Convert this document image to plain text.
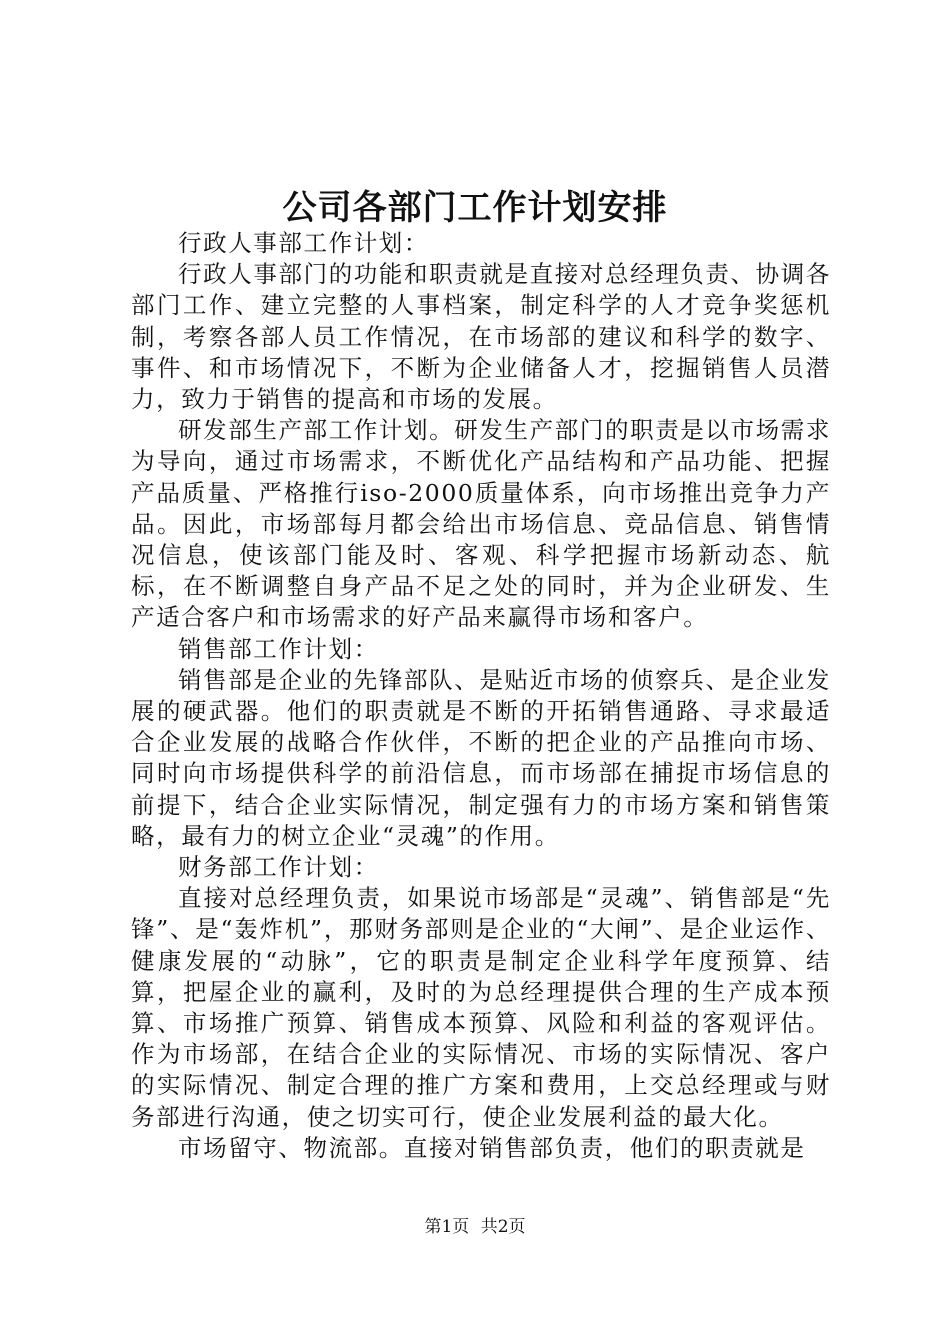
公司各部门工作计划安排

行政人事部工作计划：

行政人事部门的功能和职责就是直接对总经理负责、协调各部门工作、建立完整的人事档案，制定科学的人才竞争奖惩机制，考察各部人员工作情况，在市场部的建议和科学的数字、事件、和市场情况下，不断为企业储备人才，挖掘销售人员潜力，致力于销售的提高和市场的发展。

研发部生产部工作计划。研发生产部门的职责是以市场需求为导向，通过市场需求，不断优化产品结构和产品功能、把握产品质量、严格推行iso-2000质量体系，向市场推出竞争力产品。因此，市场部每月都会给出市场信息、竞品信息、销售情况信息，使该部门能及时、客观、科学把握市场新动态、航标，在不断调整自身产品不足之处的同时，并为企业研发、生产适合客户和市场需求的好产品来赢得市场和客户。

销售部工作计划：

销售部是企业的先锋部队、是贴近市场的侦察兵、是企业发展的硬武器。他们的职责就是不断的开拓销售通路、寻求最适合企业发展的战略合作伙伴，不断的把企业的产品推向市场、同时向市场提供科学的前沿信息，而市场部在捕捉市场信息的前提下，结合企业实际情况，制定强有力的市场方案和销售策略，最有力的树立企业“灵魂”的作用。

财务部工作计划：

直接对总经理负责，如果说市场部是“灵魂”、销售部是“先锋”、是“轰炸机”，那财务部则是企业的“大闸”、是企业运作、健康发展的“动脉”，它的职责是制定企业科学年度预算、结算，把屋企业的赢利，及时的为总经理提供合理的生产成本预算、市场推广预算、销售成本预算、风险和利益的客观评估。作为市场部，在结合企业的实际情况、市场的实际情况、客户的实际情况、制定合理的推广方案和费用，上交总经理或与财务部进行沟通，使之切实可行，使企业发展利益的最大化。

市场留守、物流部。直接对销售部负责，他们的职责就是

第1页 共2页
